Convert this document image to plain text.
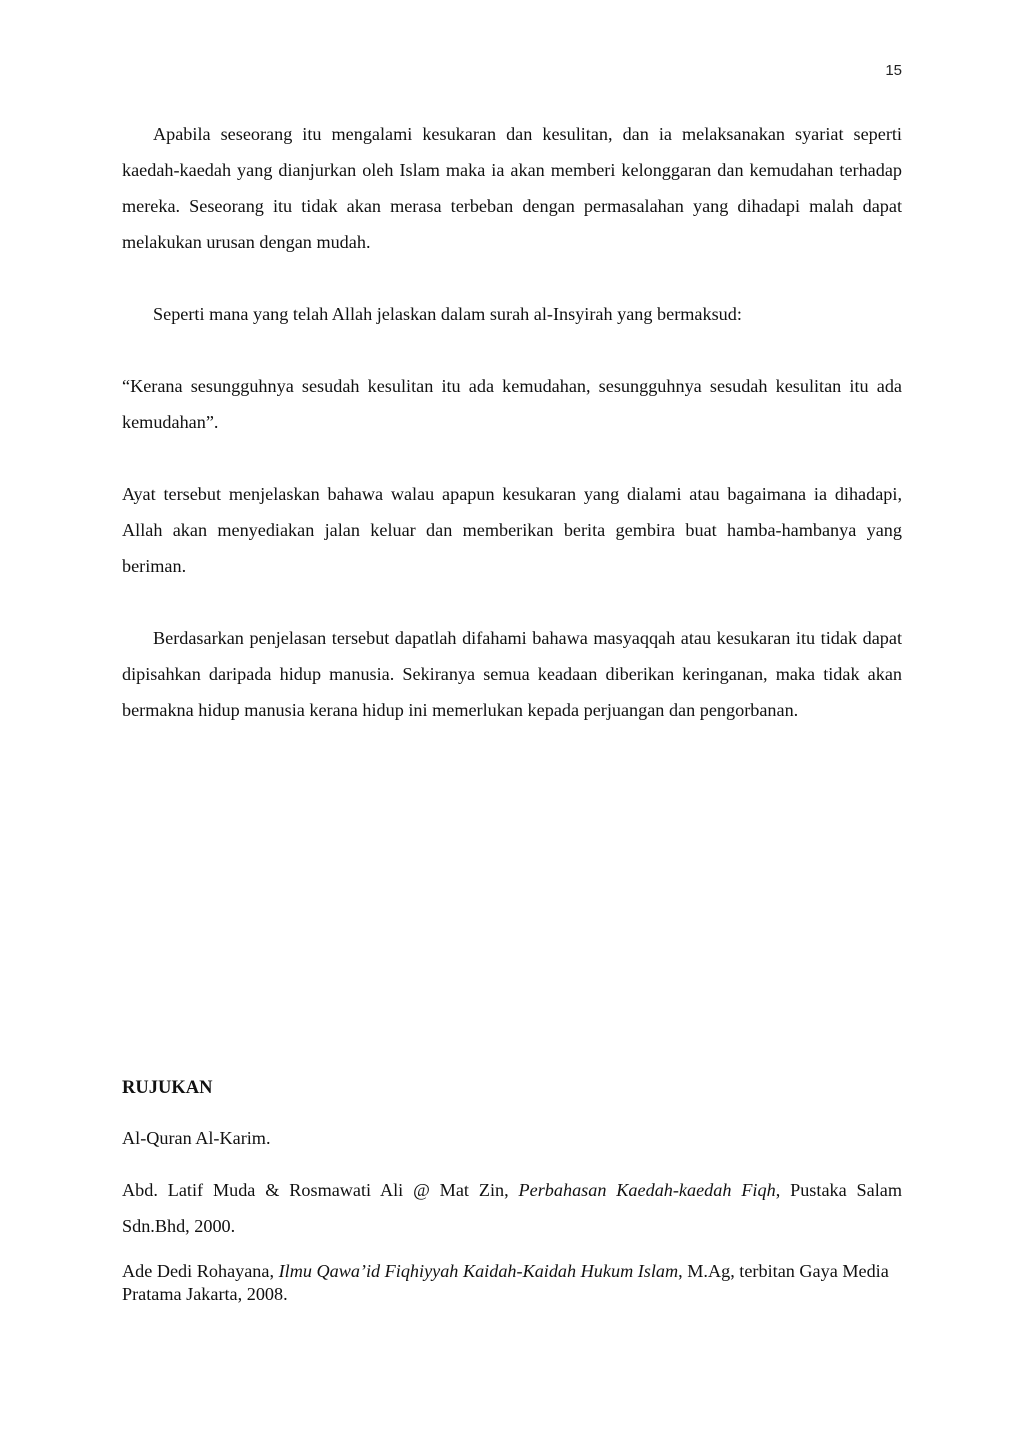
15

Apabila seseorang itu mengalami kesukaran dan kesulitan, dan ia melaksanakan syariat seperti kaedah-kaedah yang dianjurkan oleh Islam maka ia akan memberi kelonggaran dan kemudahan terhadap mereka. Seseorang itu tidak akan merasa terbeban dengan permasalahan yang dihadapi malah dapat melakukan urusan dengan mudah.

Seperti mana yang telah Allah jelaskan dalam surah al-Insyirah yang bermaksud:

“Kerana sesungguhnya sesudah kesulitan itu ada kemudahan, sesungguhnya sesudah kesulitan itu ada kemudahan”.

Ayat tersebut menjelaskan bahawa walau apapun kesukaran yang dialami atau bagaimana ia dihadapi, Allah akan menyediakan jalan keluar dan memberikan berita gembira buat hamba-hambanya yang beriman.

Berdasarkan penjelasan tersebut dapatlah difahami bahawa masyaqqah atau kesukaran itu tidak dapat dipisahkan daripada hidup manusia. Sekiranya semua keadaan diberikan keringanan, maka tidak akan bermakna hidup manusia kerana hidup ini memerlukan kepada perjuangan dan pengorbanan.

RUJUKAN

Al-Quran Al-Karim.

Abd. Latif Muda & Rosmawati Ali @ Mat Zin, Perbahasan Kaedah-kaedah Fiqh, Pustaka Salam Sdn.Bhd, 2000.

Ade Dedi Rohayana, Ilmu Qawa’id Fiqhiyyah Kaidah-Kaidah Hukum Islam, M.Ag, terbitan Gaya Media Pratama Jakarta, 2008.
